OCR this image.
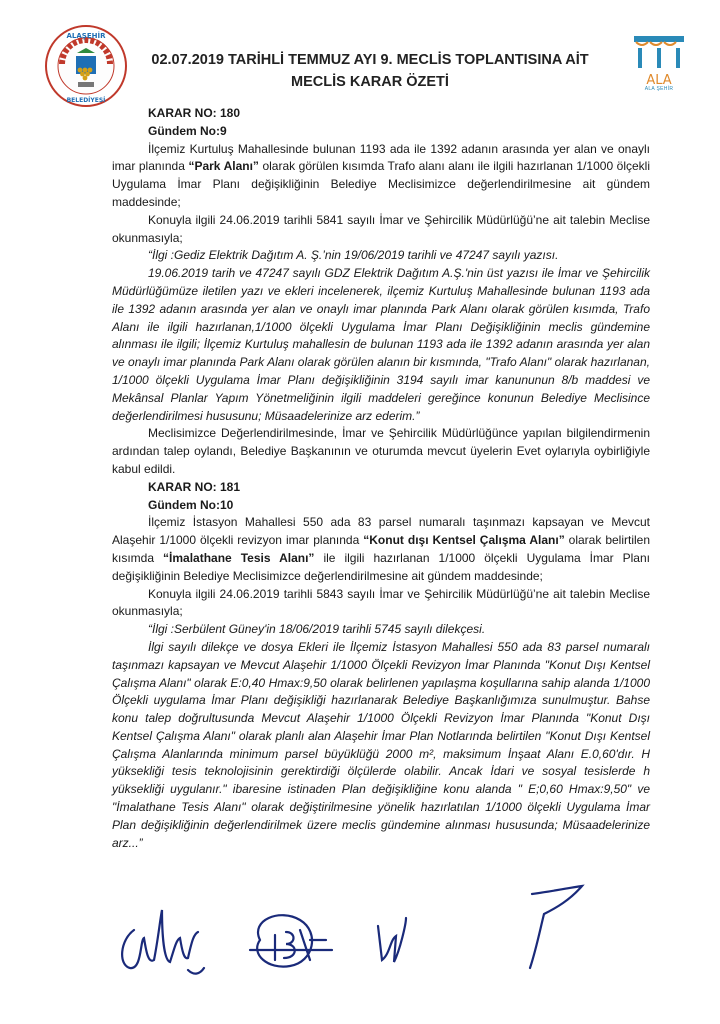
ALAŞEHİR
BELEDİYESİ
ALA
ALA ŞEHİR
02.07.2019 TARİHLİ TEMMUZ AYI 9. MECLİS TOPLANTISINA AİT
MECLİS KARAR ÖZETİ

KARAR NO: 180

Gündem No:9

İlçemiz Kurtuluş Mahallesinde bulunan 1193 ada ile 1392 adanın arasında yer alan ve onaylı imar planında “Park Alanı” olarak görülen kısımda Trafo alanı alanı ile ilgili hazırlanan 1/1000 ölçekli Uygulama İmar Planı değişikliğinin Belediye Meclisimizce değerlendirilmesine ait gündem maddesinde;

Konuyla ilgili 24.06.2019 tarihli 5841 sayılı İmar ve Şehircilik Müdürlüğü’ne ait talebin Meclise okunmasıyla;

“İlgi :Gediz Elektrik Dağıtım A. Ş.’nin 19/06/2019 tarihli ve 47247 sayılı yazısı.

19.06.2019 tarih ve 47247 sayılı GDZ Elektrik Dağıtım A.Ş.'nin üst yazısı ile İmar ve Şehircilik Müdürlüğümüze iletilen yazı ve ekleri incelenerek, ilçemiz Kurtuluş Mahallesinde bulunan 1193 ada ile 1392 adanın arasında yer alan ve onaylı imar planında Park Alanı olarak görülen kısımda, Trafo Alanı ile ilgili hazırlanan,1/1000 ölçekli Uygulama İmar Planı Değişikliğinin meclis gündemine alınması ile ilgili; İlçemiz Kurtuluş mahallesin de bulunan 1193 ada ile 1392 adanın arasında yer alan ve onaylı imar planında Park Alanı olarak görülen alanın bir kısmında, "Trafo Alanı" olarak hazırlanan, 1/1000 ölçekli Uygulama İmar Planı değişikliğinin 3194 sayılı imar kanununun 8/b maddesi ve Mekânsal Planlar Yapım Yönetmeliğinin ilgili maddeleri gereğince konunun Belediye Meclisince değerlendirilmesi hususunu; Müsaadelerinize arz ederim.”

Meclisimizce Değerlendirilmesinde, İmar ve Şehircilik Müdürlüğünce yapılan bilgilendirmenin ardından talep oylandı, Belediye Başkanının ve oturumda mevcut üyelerin Evet oylarıyla oybirliğiyle kabul edildi.

KARAR NO: 181

Gündem No:10

İlçemiz İstasyon Mahallesi 550 ada 83 parsel numaralı taşınmazı kapsayan ve Mevcut Alaşehir 1/1000 ölçekli revizyon imar planında “Konut dışı Kentsel Çalışma Alanı” olarak belirtilen kısımda “İmalathane Tesis Alanı” ile ilgili hazırlanan 1/1000 ölçekli Uygulama İmar Planı değişikliğinin Belediye Meclisimizce değerlendirilmesine ait gündem maddesinde;

Konuyla ilgili 24.06.2019 tarihli 5843 sayılı İmar ve Şehircilik Müdürlüğü’ne ait talebin Meclise okunmasıyla;

“İlgi :Serbülent Güney'in 18/06/2019 tarihli 5745 sayılı dilekçesi.

İlgi sayılı dilekçe ve dosya Ekleri ile İlçemiz İstasyon Mahallesi 550 ada 83 parsel numaralı taşınmazı kapsayan ve Mevcut Alaşehir 1/1000 Ölçekli Revizyon İmar Planında "Konut Dışı Kentsel Çalışma Alanı" olarak E:0,40 Hmax:9,50 olarak belirlenen yapılaşma koşullarına sahip alanda 1/1000 Ölçekli uygulama İmar Planı değişikliği hazırlanarak Belediye Başkanlığımıza sunulmuştur. Bahse konu talep doğrultusunda Mevcut Alaşehir 1/1000 Ölçekli Revizyon İmar Planında "Konut Dışı Kentsel Çalışma Alanı" olarak planlı alan Alaşehir İmar Plan Notlarında belirtilen "Konut Dışı Kentsel Çalışma Alanlarında minimum parsel büyüklüğü 2000 m², maksimum İnşaat Alanı E.0,60'dır. H yüksekliği tesis teknolojisinin gerektirdiği ölçülerde olabilir. Ancak İdari ve sosyal tesislerde h yüksekliği uygulanır." ibaresine istinaden Plan değişikliğine konu alanda " E;0,60 Hmax:9,50" ve "İmalathane Tesis Alanı" olarak değiştirilmesine yönelik hazırlatılan 1/1000 ölçekli Uygulama İmar Plan değişikliğinin değerlendirilmek üzere meclis gündemine alınması hususunda; Müsaadelerinize arz...”
